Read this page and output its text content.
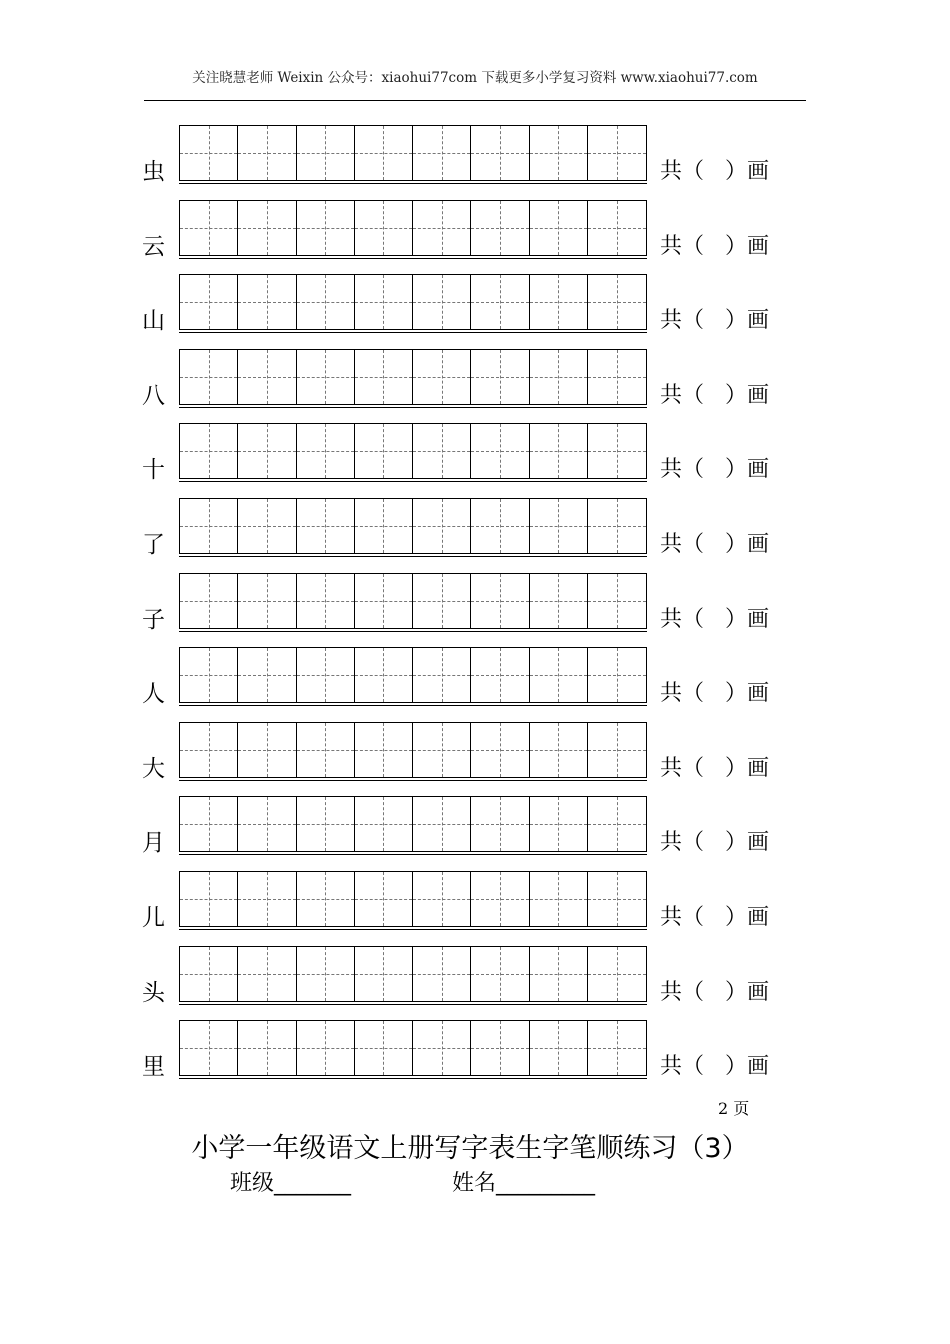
关注晓慧老师 Weixin 公众号：xiaohui77com 下载更多小学复习资料 www.xiaohui77.com
虫	共（   ）画
云	共（   ）画
山	共（   ）画
八	共（   ）画
十	共（   ）画
了	共（   ）画
子	共（   ）画
人	共（   ）画
大	共（   ）画
月	共（   ）画
儿	共（   ）画
头	共（   ）画
里	共（   ）画
2 页
小学一年级语文上册写字表生字笔顺练习（3）
班级_______	姓名_________
